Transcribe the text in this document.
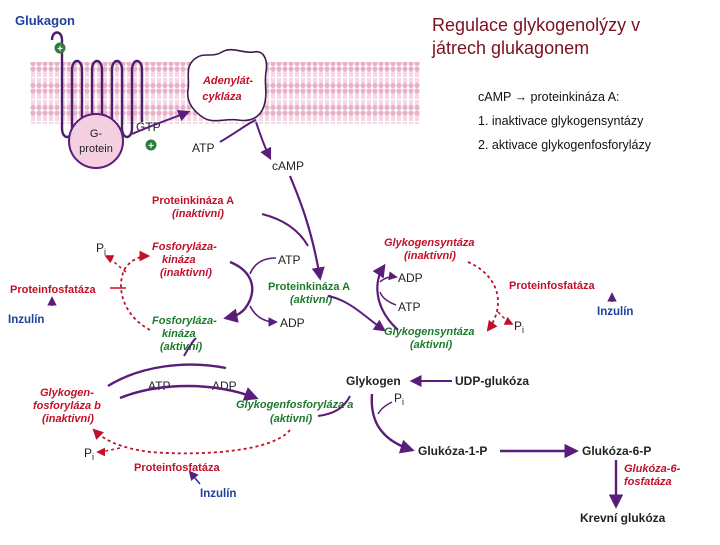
Glukagon
+
G-
protein
Adenylát-
cykláza
GTP
+	ATP
cAMP
Proteinkináza A
(inaktivní)
Proteinkináza A
(aktivní)
$P_i$	Fosforyláza-
kináza
(inaktivní)
Fosforyláza-
kináza
(aktivní)
ATP
ADP
Proteinfosfatáza
Inzulín
Glykogensyntáza
(inaktivní)
Glykogensyntáza
(aktivní)
ADP
ATP
$P_i$
Proteinfosfatáza
Inzulín
ATP	ADP
Glykogen-
fosforyláza b
(inaktivní)
Glykogenfosforyláza a
(aktivní)
$P_i$
Proteinfosfatáza
Inzulín
Glykogen	UDP-glukóza
$P_i$
Glukóza-1-P	Glukóza-6-P
Glukóza-6-
fosfatáza
Krevní glukóza
Regulace glykogenolýzy v
játrech glukagonem
cAMP → proteinkináza A:
1. inaktivace glykogensyntázy
2. aktivace glykogenfosforylázy
